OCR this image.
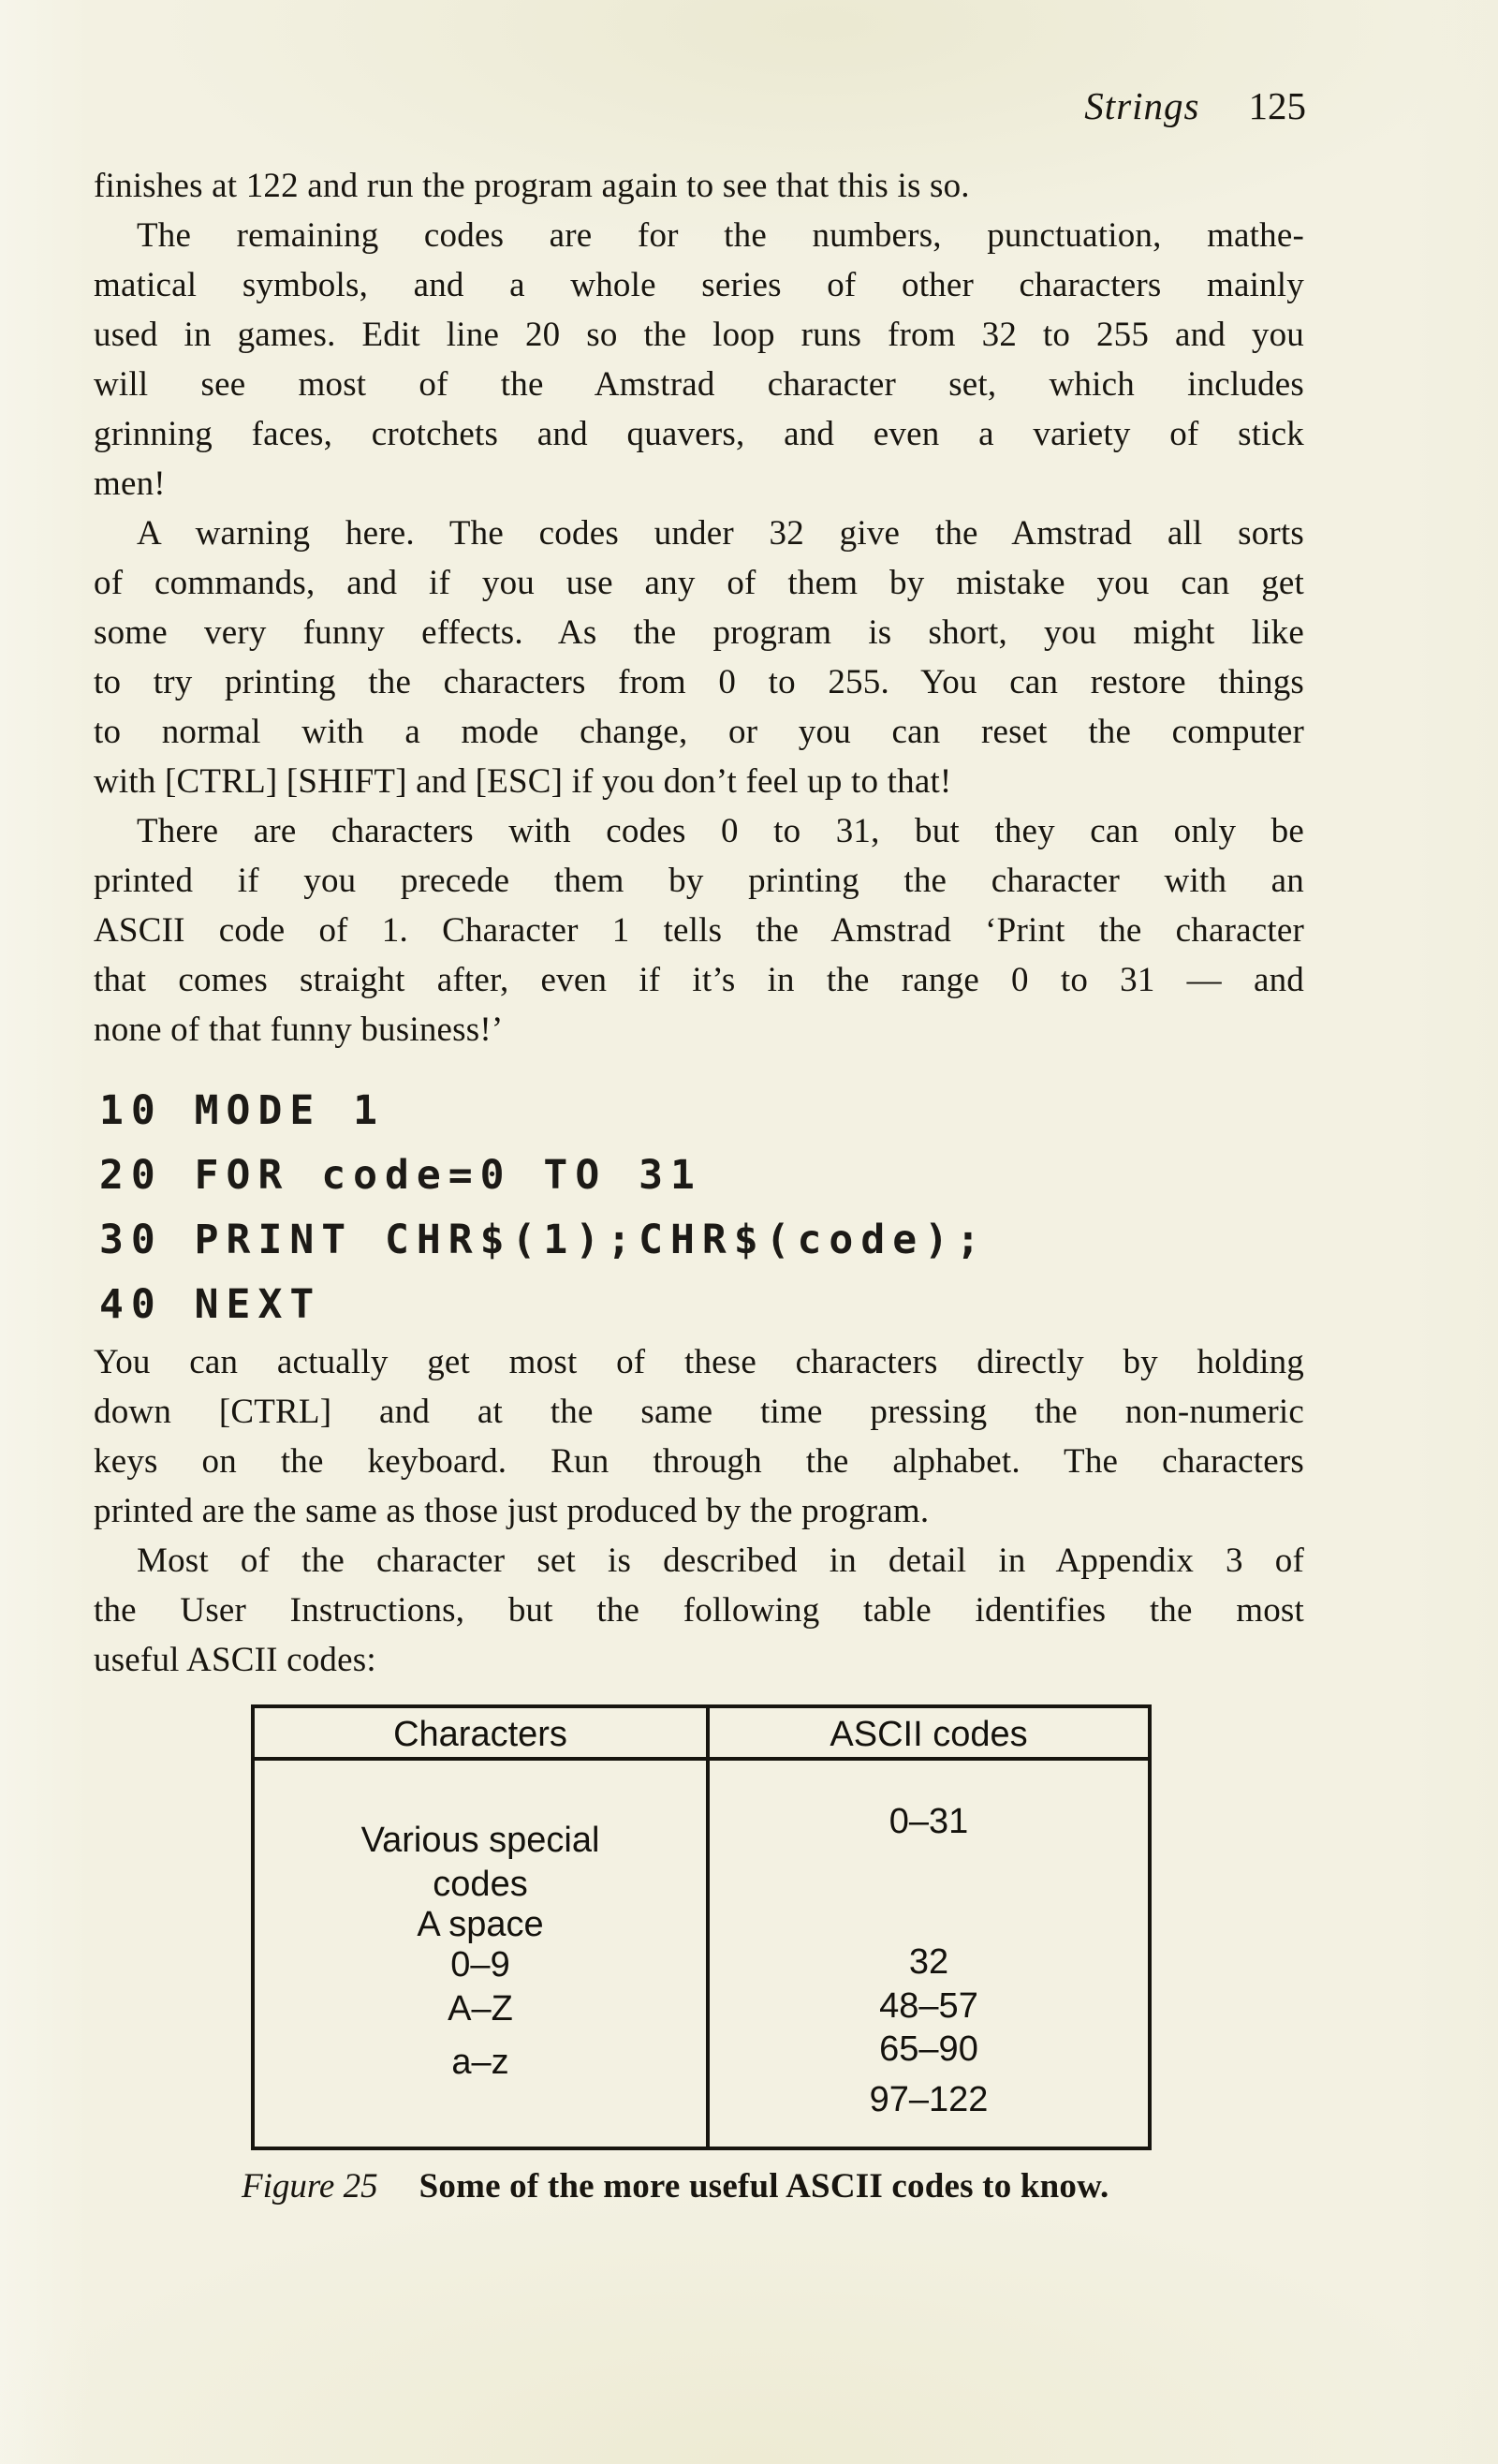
Strings 125
finishes at 122 and run the program again to see that this is so.
The remaining codes are for the numbers, punctuation, mathe-
matical symbols, and a whole series of other characters mainly
used in games. Edit line 20 so the loop runs from 32 to 255 and you
will see most of the Amstrad character set, which includes
grinning faces, crotchets and quavers, and even a variety of stick
men!
A warning here. The codes under 32 give the Amstrad all sorts
of commands, and if you use any of them by mistake you can get
some very funny effects. As the program is short, you might like
to try printing the characters from 0 to 255. You can restore things
to normal with a mode change, or you can reset the computer
with [CTRL] [SHIFT] and [ESC] if you don’t feel up to that!
There are characters with codes 0 to 31, but they can only be
printed if you precede them by printing the character with an
ASCII code of 1. Character 1 tells the Amstrad ‘Print the character
that comes straight after, even if it’s in the range 0 to 31 — and
none of that funny business!’
10 MODE 1
20 FOR code=0 TO 31
30 PRINT CHR$(1);CHR$(code);
40 NEXT
You can actually get most of these characters directly by holding
down [CTRL] and at the same time pressing the non-numeric
keys on the keyboard. Run through the alphabet. The characters
printed are the same as those just produced by the program.
Most of the character set is described in detail in Appendix 3 of
the User Instructions, but the following table identifies the most
useful ASCII codes:
Characters	ASCII codes
Various special
codes
A space
0–9
A–Z
a–z
0–31
32
48–57
65–90
97–122
Figure 25 Some of the more useful ASCII codes to know.
